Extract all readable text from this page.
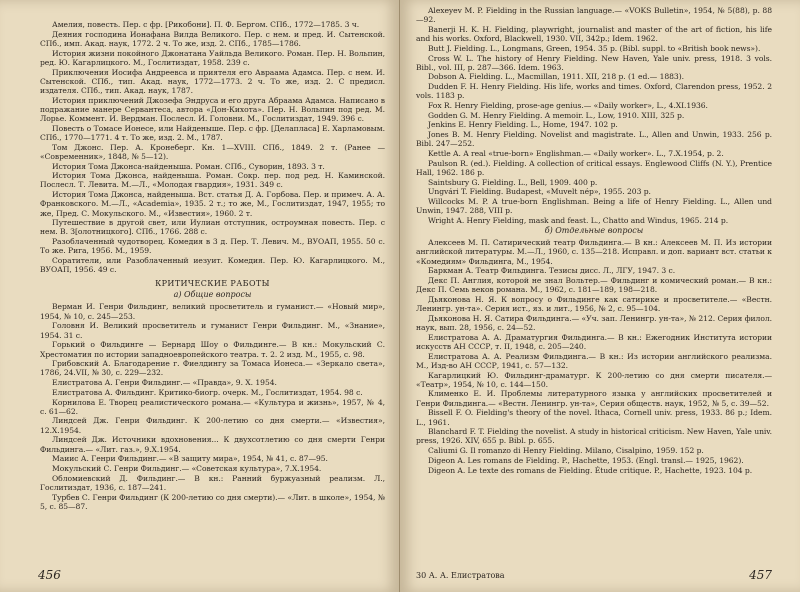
Амелия, повесть. Пер. с фр. [Рикобони]. П. Ф. Бергом. СПб., 1772—1785. 3 ч.

Деяния господина Ионафана Вилда Великого. Пер. с нем. и пред. И. Сытенской. СПб., имп. Акад. наук, 1772. 2 ч. То же, изд. 2. СПб., 1785—1786.

История жизни покойного Джонатана Уайльда Великого. Роман. Пер. Н. Вольпин, ред. Ю. Кагарлицкого. М., Гослитиздат, 1958. 239 с.

Приключения Иосифа Андреевса и приятеля его Авраама Адамса. Пер. с нем. И. Сытенской. СПб., тип. Акад. наук, 1772—1773. 2 ч. То же, изд. 2. С предисл. издателя. СПб., тип. Акад. наук, 1787.

История приключений Джозефа Эндруса и его друга Абраама Адамса. Написано в подражание манере Сервантеса, автора «Дон-Кихота». Пер. Н. Вольпин под ред. М. Лорье. Коммент. И. Вердман. Послесл. И. Головни. М., Гослитиздат, 1949. 396 с.

Повесть о Томасе Ионесе, или Найденыше. Пер. с фр. [Делапласа] Е. Харламовым. СПб., 1770—1771. 4 т. То же, изд. 2. М., 1787.

Том Джонс. Пер. А. Кронеберг. Кн. 1—XVIII. СПб., 1849. 2 т. (Ранее — «Современник», 1848, № 5—12).

История Тома Джонса-найденыша. Роман. СПб., Суворин, 1893. 3 т.

История Тома Джонса, найденыша. Роман. Сокр. пер. под ред. Н. Каминской. Послесл. Т. Левита. М.—Л., «Молодая гвардия», 1931. 349 с.

История Тома Джонса, найденыша. Вст. статья Д. А. Горбова. Пер. и примеч. А. А. Франковского. М.—Л., «Academia», 1935. 2 т.; то же, М., Гослитиздат, 1947, 1955; то же, Пред. С. Мокульского. М., «Известия», 1960. 2 т.

Путешествие в другой свет, или Иулиан отступник, остроумная повесть. Пер. с нем. В. З[олотницкого]. СПб., 1766. 288 с.

Разоблаченный чудотворец. Комедия в 3 д. Пер. Т. Левич. М., ВУОАП, 1955. 50 с. То же. Рига, 1956. М., 1959.

Соратители, или Разоблаченный иезуит. Комедия. Пер. Ю. Кагарлицкого. М., ВУОАП, 1956. 49 с.

КРИТИЧЕСКИЕ РАБОТЫ
а) Общие вопросы

Верман И. Генри Фильдинг, великий просветитель и гуманист.— «Новый мир», 1954, № 10, с. 245—253.

Головня И. Великий просветитель и гуманист Генри Фильдинг. М., «Знание», 1954. 31 с.

Горький о Фильдинге — Бернард Шоу о Фильдинге.— В кн.: Мокульский С. Хрестоматия по истории западноевропейского театра. т. 2. 2 изд. М., 1955, с. 98.

Грибовский А. Благодарение г. Фиелдингу за Томаса Ионеса.— «Зеркало света», 1786, 24.VII, № 30, с. 229—232.

Елистратова А. Генри Фильдинг.— «Правда», 9. X. 1954.

Елистратова А. Фильдинг. Критико-биогр. очерк. М., Гослитиздат, 1954. 98 с.

Корнилова Е. Творец реалистического романа.— «Культура и жизнь», 1957, № 4, с. 61—62.

Линдсей Дж. Генри Фильдинг. К 200-летию со дня смерти.— «Известия», 12.X.1954.

Линдсей Дж. Источники вдохновения... К двухсотлетию со дня смерти Генри Фильдинга.— «Лит. газ.», 9.X.1954.

Маиис А. Генри Фильдинг.— «В защиту мира», 1954, № 41, с. 87—95.

Мокульский С. Генри Фильдинг.— «Советская культура», 7.X.1954.

Обломиевский Д. Фильдинг.— В кн.: Ранний буржуазный реализм. Л., Гослитиздат, 1936, с. 187—241.

Турбев С. Генри Фильдинг (К 200-летию со дня смерти).— «Лит. в школе», 1954, № 5, с. 85—87.

456

Alexeyev M. P. Fielding in the Russian language.— «VOKS Bulletin», 1954, № 5(88), p. 88—92.

Banerji H. K. H. Fielding, playwright, journalist and master of the art of fiction, his life and his works. Oxford, Blackwell, 1930. VII, 342p.; Idem. 1962.

Butt J. Fielding. L., Longmans, Green, 1954. 35 p. (Bibl. suppl. to «British book news»).

Cross W. L. The history of Henry Fielding. New Haven, Yale univ. press, 1918. 3 vols. Bibl., vol. III, p. 287—366. Idem. 1963.

Dobson A. Fielding. L., Macmillan, 1911. XII, 218 p. (1 ed.— 1883).

Dudden F. H. Henry Fielding. His life, works and times. Oxford, Clarendon press, 1952. 2 vols. 1183 p.

Fox R. Henry Fielding, prose-age genius.— «Daily worker», L., 4.XI.1936.

Godden G. M. Henry Fielding. A memoir. L., Low, 1910. XIII, 325 p.

Jenkins E. Henry Fielding. L., Home, 1947. 102 p.

Jones B. M. Henry Fielding. Novelist and magistrate. L., Allen and Unwin, 1933. 256 p. Bibl. 247—252.

Kettle A. A real «true-born» Englishman.— «Daily worker». L., 7.X.1954, p. 2.

Paulson R. (ed.). Fielding. A collection of critical essays. Englewood Cliffs (N. Y.), Prentice Hall, 1962. 186 p.

Saintsbury G. Fielding. L., Bell, 1909. 400 p.

Ungvári T. Fielding. Budapest, «Muvelt nép», 1955. 203 p.

Willcocks M. P. A true-born Englishman. Being a life of Henry Fielding. L., Allen und Unwin, 1947. 288, VIII p.

Wright A. Henry Fielding, mask and feast. L., Chatto and Windus, 1965. 214 p.

б) Отдельные вопросы

Алексеев М. П. Сатирический театр Фильдинга.— В кн.: Алексеев М. П. Из истории английской литературы. М.—Л., 1960, с. 135—218. Исправл. и доп. вариант вст. статьи к «Комедиям» Фильдинга, М., 1954.

Баркман А. Театр Фильдинга. Тезисы дисс. Л., ЛГУ, 1947. 3 с.

Декс П. Англия, которой не знал Вольтер.— Фильдинг и комический роман.— В кн.: Декс П. Семь веков романа. М., 1962, с. 181—189, 198—218.

Дьяконова Н. Я. К вопросу о Фильдинге как сатирике и просветителе.— «Вестн. Ленингр. ун-та». Серия ист., яз. и лит., 1956, № 2, с. 95—104.

Дьяконова Н. Я. Сатира Фильдинга.— «Уч. зап. Ленингр. ун-та», № 212. Серия филол. наук, вып. 28, 1956, с. 24—52.

Елистратова А. А. Драматургия Фильдинга.— В кн.: Ежегодник Института истории искусств АН СССР, т. II, 1948, с. 205—240.

Елистратова А. А. Реализм Фильдинга.— В кн.: Из истории английского реализма. М., Изд-во АН СССР, 1941, с. 57—132.

Кагарлицкий Ю. Фильдинг-драматург. К 200-летию со дня смерти писателя.— «Театр», 1954, № 10, с. 144—150.

Клименко Е. И. Проблемы литературного языка у английских просветителей и Генри Фильдинга.— «Вестн. Ленингр. ун-та», Серия обществ. наук, 1952, № 5, с. 39—52.

Bissell F. O. Fielding's theory of the novel. Ithaca, Cornell univ. press, 1933. 86 p.; Idem. L., 1961.

Blanchard F. T. Fielding the novelist. A study in historical criticism. New Haven, Yale univ. press, 1926. XIV, 655 p. Bibl. p. 655.

Caliumi G. Il romanzo di Henry Fielding. Milano, Cisalpino, 1959. 152 p.

Digeon A. Les romans de Fielding. P., Hachette, 1953. (Engl. transl.— 1925, 1962).

Digeon A. Le texte des romans de Fielding. Étude critique. P., Hachette, 1923. 104 p.

30 А. А. Елистратова	457
